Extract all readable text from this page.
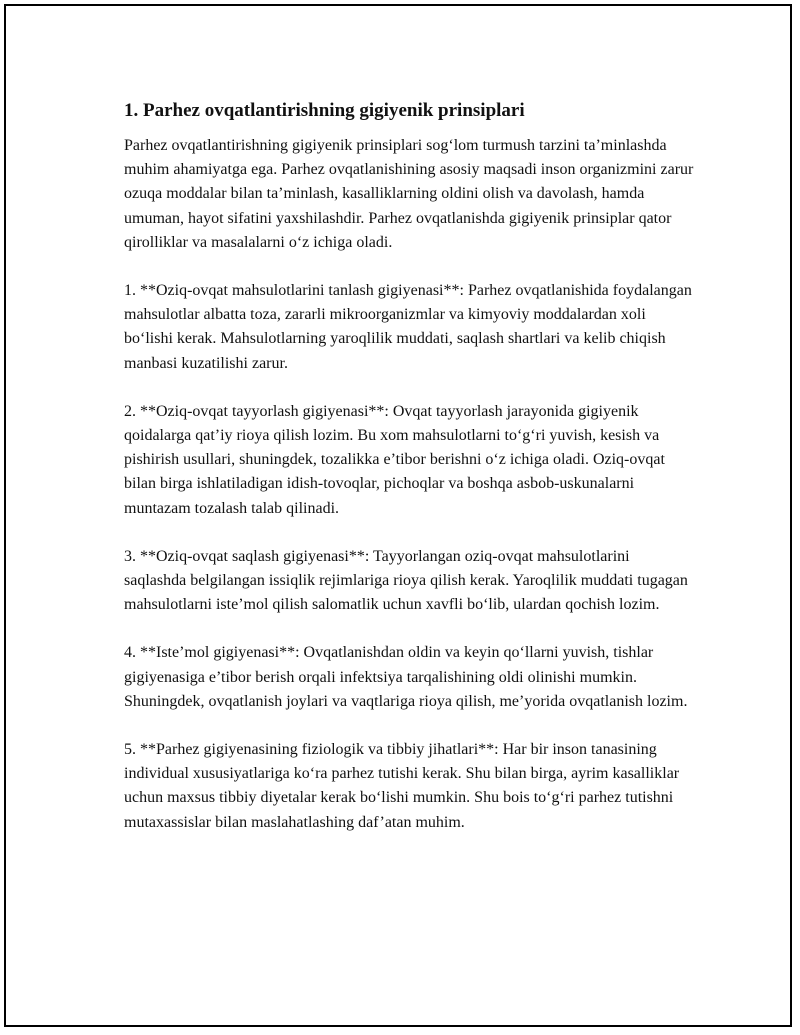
1. Parhez ovqatlantirishning gigiyenik prinsiplari

Parhez ovqatlantirishning gigiyenik prinsiplari sog‘lom turmush tarzini ta’minlashda muhim ahamiyatga ega. Parhez ovqatlanishining asosiy maqsadi inson organizmini zarur ozuqa moddalar bilan ta’minlash, kasalliklarning oldini olish va davolash, hamda umuman, hayot sifatini yaxshilashdir. Parhez ovqatlanishda gigiyenik prinsiplar qator qirolliklar va masalalarni o‘z ichiga oladi.

1. **Oziq-ovqat mahsulotlarini tanlash gigiyenasi**: Parhez ovqatlanishida foydalangan mahsulotlar albatta toza, zararli mikroorganizmlar va kimyoviy moddalardan xoli bo‘lishi kerak. Mahsulotlarning yaroqlilik muddati, saqlash shartlari va kelib chiqish manbasi kuzatilishi zarur.

2. **Oziq-ovqat tayyorlash gigiyenasi**: Ovqat tayyorlash jarayonida gigiyenik qoidalarga qat’iy rioya qilish lozim. Bu xom mahsulotlarni to‘g‘ri yuvish, kesish va pishirish usullari, shuningdek, tozalikka e’tibor berishni o‘z ichiga oladi. Oziq-ovqat bilan birga ishlatiladigan idish-tovoqlar, pichoqlar va boshqa asbob-uskunalarni muntazam tozalash talab qilinadi.

3. **Oziq-ovqat saqlash gigiyenasi**: Tayyorlangan oziq-ovqat mahsulotlarini saqlashda belgilangan issiqlik rejimlariga rioya qilish kerak. Yaroqlilik muddati tugagan mahsulotlarni iste’mol qilish salomatlik uchun xavfli bo‘lib, ulardan qochish lozim.

4. **Iste’mol gigiyenasi**: Ovqatlanishdan oldin va keyin qo‘llarni yuvish, tishlar gigiyenasiga e’tibor berish orqali infektsiya tarqalishining oldi olinishi mumkin. Shuningdek, ovqatlanish joylari va vaqtlariga rioya qilish, me’yorida ovqatlanish lozim.

5. **Parhez gigiyenasining fiziologik va tibbiy jihatlari**: Har bir inson tanasining individual xususiyatlariga ko‘ra parhez tutishi kerak. Shu bilan birga, ayrim kasalliklar uchun maxsus tibbiy diyetalar kerak bo‘lishi mumkin. Shu bois to‘g‘ri parhez tutishni mutaxassislar bilan maslahatlashing daf’atan muhim.
